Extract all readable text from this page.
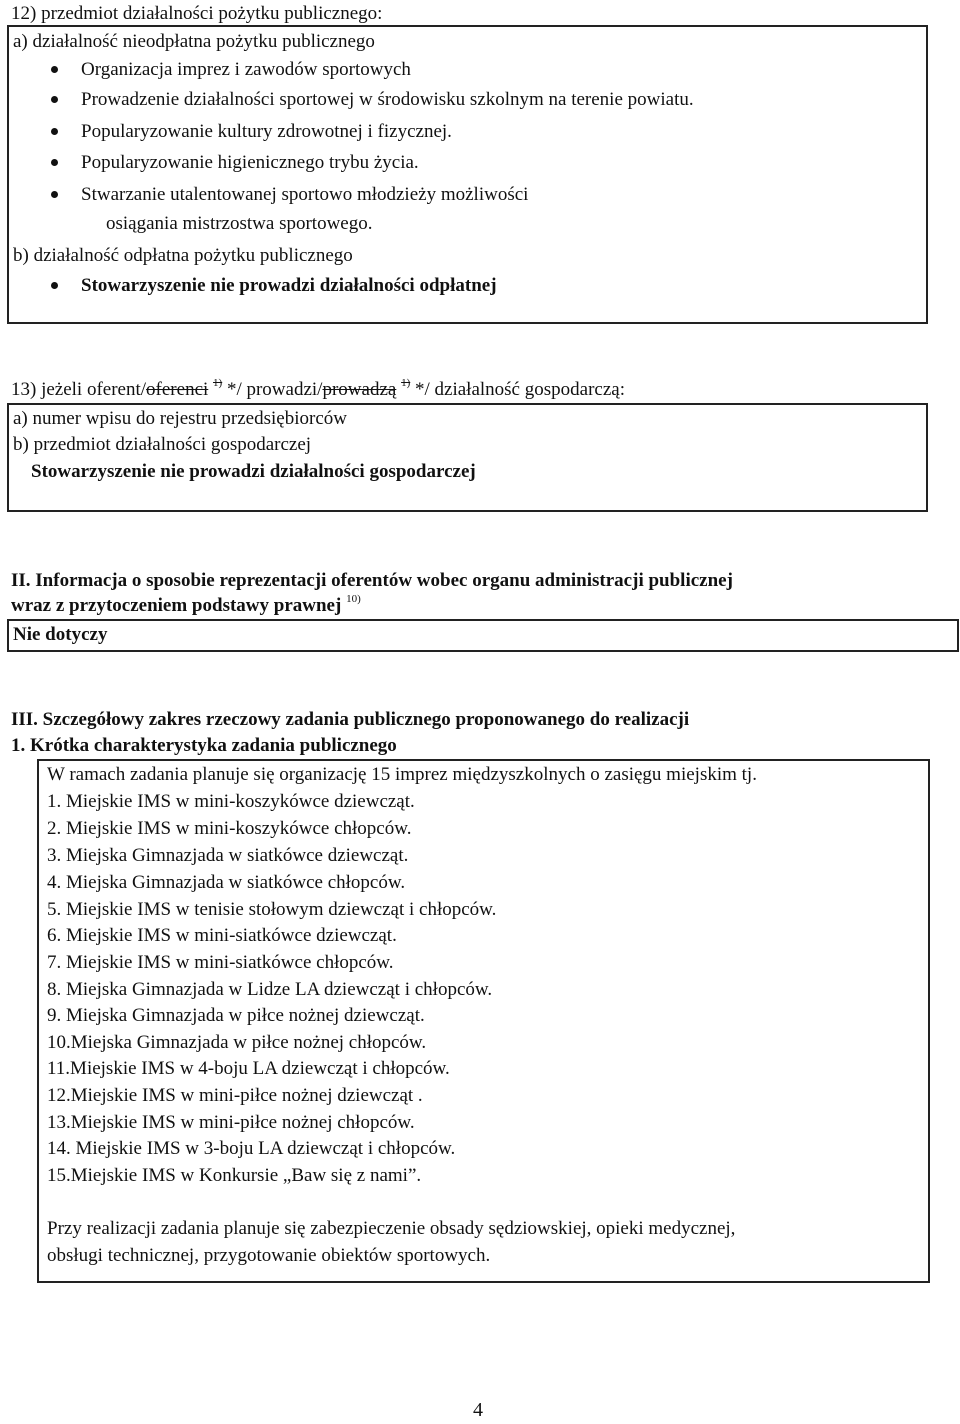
12) przedmiot działalności pożytku publicznego:
a) działalność nieodpłatna pożytku publicznego
Organizacja imprez i zawodów sportowych
Prowadzenie działalności sportowej w środowisku szkolnym na terenie powiatu.
Popularyzowanie kultury zdrowotnej i fizycznej.
Popularyzowanie higienicznego trybu życia.
Stwarzanie utalentowanej sportowo młodzieży możliwości
osiągania mistrzostwa sportowego.
b) działalność odpłatna pożytku publicznego
Stowarzyszenie nie prowadzi działalności odpłatnej
13) jeżeli oferent/oferenci $^{1)}$ */ prowadzi/prowadzą $^{1)}$ */ działalność gospodarczą:
a) numer wpisu do rejestru przedsiębiorców
b) przedmiot działalności gospodarczej
Stowarzyszenie nie prowadzi działalności gospodarczej
II. Informacja o sposobie reprezentacji oferentów wobec organu administracji publicznej
wraz z przytoczeniem podstawy prawnej $^{10)}$
Nie dotyczy
III. Szczegółowy zakres rzeczowy zadania publicznego proponowanego do realizacji
1. Krótka charakterystyka zadania publicznego
W ramach zadania planuje się organizację 15 imprez międzyszkolnych o zasięgu miejskim tj.
1. Miejskie IMS w mini-koszykówce dziewcząt.
2. Miejskie IMS w mini-koszykówce chłopców.
3. Miejska Gimnazjada w siatkówce dziewcząt.
4. Miejska Gimnazjada w siatkówce chłopców.
5. Miejskie IMS w tenisie stołowym dziewcząt i chłopców.
6. Miejskie IMS w mini-siatkówce dziewcząt.
7. Miejskie IMS w mini-siatkówce chłopców.
8. Miejska Gimnazjada w Lidze LA dziewcząt i chłopców.
9. Miejska Gimnazjada w piłce nożnej dziewcząt.
10.Miejska Gimnazjada w piłce nożnej chłopców.
11.Miejskie IMS w 4-boju LA dziewcząt i chłopców.
12.Miejskie IMS w mini-piłce nożnej dziewcząt .
13.Miejskie IMS w mini-piłce nożnej chłopców.
14. Miejskie IMS w 3-boju LA dziewcząt i chłopców.
15.Miejskie IMS w Konkursie „Baw się z nami”.
Przy realizacji zadania planuje się zabezpieczenie obsady sędziowskiej, opieki medycznej,
obsługi technicznej, przygotowanie obiektów sportowych.
4
